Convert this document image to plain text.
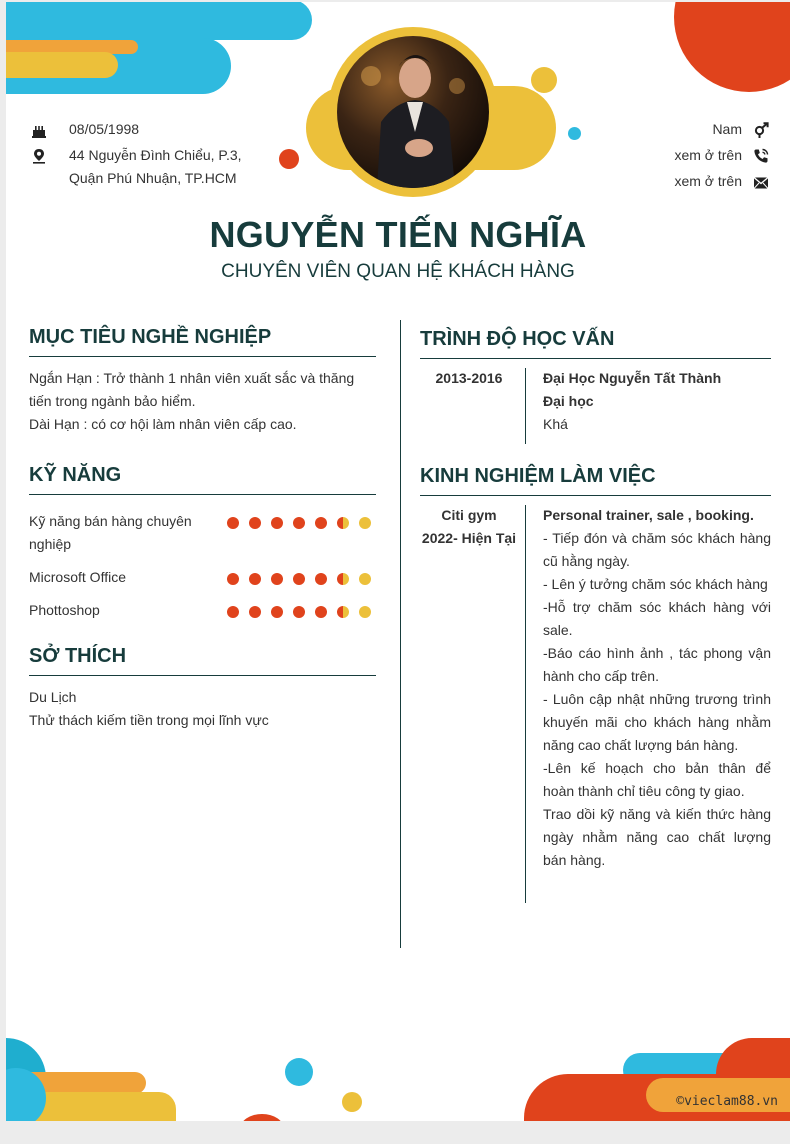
08/05/1998
44 Nguyễn Đình Chiểu, P.3, Quận Phú Nhuận, TP.HCM
Nam
xem ở trên
xem ở trên
NGUYỄN TIẾN NGHĨA
CHUYÊN VIÊN QUAN HỆ KHÁCH HÀNG
MỤC TIÊU NGHỀ NGHIỆP
Ngắn Hạn : Trở thành 1 nhân viên xuất sắc và thăng tiến trong ngành bảo hiểm.
Dài Hạn : có cơ hội làm nhân viên cấp cao.
KỸ NĂNG
Kỹ năng bán hàng chuyên nghiệp
Microsoft Office
Phottoshop
SỞ THÍCH
Du Lịch
Thử thách kiếm tiền trong mọi lĩnh vực
TRÌNH ĐỘ HỌC VẤN
2013-2016	Đại Học Nguyễn Tất Thành
Đại học
Khá
KINH NGHIỆM LÀM VIỆC
Citi gym
2022- Hiện Tại
Personal trainer, sale , booking.
- Tiếp đón và chăm sóc khách hàng cũ hằng ngày.
- Lên ý tưởng chăm sóc khách hàng
-Hỗ trợ chăm sóc khách hàng với sale.
-Báo cáo hình ảnh , tác phong vận hành cho cấp trên.
- Luôn cập nhật những trương trình khuyến mãi cho khách hàng nhằm năng cao chất lượng bán hàng.
-Lên kế hoạch cho bản thân để hoàn thành chỉ tiêu công ty giao.
Trao dồi kỹ năng và kiến thức hàng ngày nhằm năng cao chất lượng bán hàng.
©vieclam88.vn
